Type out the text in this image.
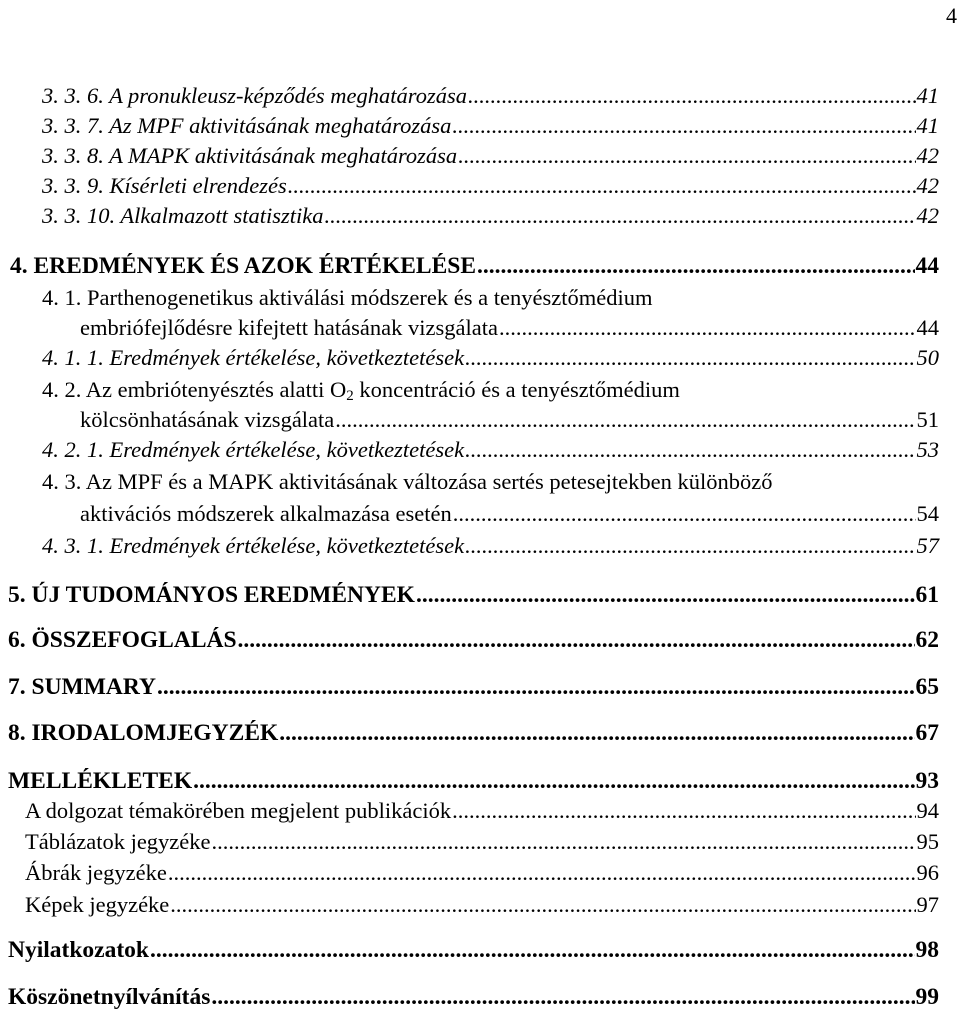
4
3. 3. 6. A pronukleusz-képződés meghatározása .....	41
3. 3. 7. Az MPF aktivitásának meghatározása .....	41
3. 3. 8. A MAPK aktivitásának meghatározása .....	42
3. 3. 9. Kísérleti elrendezés .....	42
3. 3. 10. Alkalmazott statisztika .....	42
4. EREDMÉNYEK ÉS AZOK ÉRTÉKELÉSE .....	44
4. 1. Parthenogenetikus aktiválási módszerek és a tenyésztőmédium
embriófejlődésre kifejtett hatásának vizsgálata .....	44
4. 1. 1. Eredmények értékelése, következtetések .....	50
4. 2. Az embriótenyésztés alatti $O_2$ koncentráció és a tenyésztőmédium
kölcsönhatásának vizsgálata .....	51
4. 2. 1. Eredmények értékelése, következtetések .....	53
4. 3. Az MPF és a MAPK aktivitásának változása sertés petesejtekben különböző
aktivációs módszerek alkalmazása esetén .....	54
4. 3. 1. Eredmények értékelése, következtetések .....	57
5. ÚJ TUDOMÁNYOS EREDMÉNYEK .....	61
6. ÖSSZEFOGLALÁS .....	62
7. SUMMARY .....	65
8. IRODALOMJEGYZÉK .....	67
MELLÉKLETEK .....	93
A dolgozat témakörében megjelent publikációk .....	94
Táblázatok jegyzéke .....	95
Ábrák jegyzéke .....	96
Képek jegyzéke .....	97
Nyilatkozatok .....	98
Köszönetnyílvánítás .....	99
